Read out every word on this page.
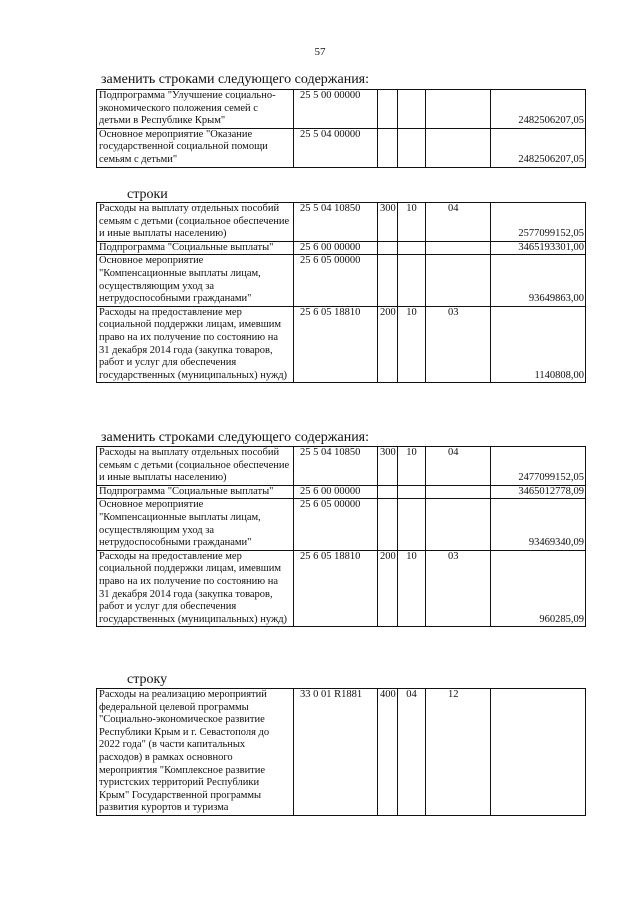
57
заменить строками следующего содержания:
Подпрограмма "Улучшение социально-экономического положения семей с детьми в Республике Крым"	25 5 00 00000				2482506207,05
Основное мероприятие "Оказание государственной социальной помощи семьям с детьми"	25 5 04 00000				2482506207,05
строки
Расходы на выплату отдельных пособий семьям с детьми (социальное обеспечение и иные выплаты населению)	25 5 04 10850	300	10	04	2577099152,05
Подпрограмма "Социальные выплаты"	25 6 00 00000				3465193301,00
Основное мероприятие "Компенсационные выплаты лицам, осуществляющим уход за нетрудоспособными гражданами"	25 6 05 00000				93649863,00
Расходы на предоставление мер социальной поддержки лицам, имевшим право на их получение по состоянию на 31 декабря 2014 года (закупка товаров, работ и услуг для обеспечения государственных (муниципальных) нужд)	25 6 05 18810	200	10	03	1140808,00
заменить строками следующего содержания:
Расходы на выплату отдельных пособий семьям с детьми (социальное обеспечение и иные выплаты населению)	25 5 04 10850	300	10	04	2477099152,05
Подпрограмма "Социальные выплаты"	25 6 00 00000				3465012778,09
Основное мероприятие "Компенсационные выплаты лицам, осуществляющим уход за нетрудоспособными гражданами"	25 6 05 00000				93469340,09
Расходы на предоставление мер социальной поддержки лицам, имевшим право на их получение по состоянию на 31 декабря 2014 года (закупка товаров, работ и услуг для обеспечения государственных (муниципальных) нужд)	25 6 05 18810	200	10	03	960285,09
строку
Расходы на реализацию мероприятий федеральной целевой программы "Социально-экономическое развитие Республики Крым и г. Севастополя до 2022 года" (в части капитальных расходов) в рамках основного мероприятия "Комплексное развитие туристских территорий Республики Крым" Государственной программы развития курортов и туризма	33 0 01 R1881	400	04	12	
